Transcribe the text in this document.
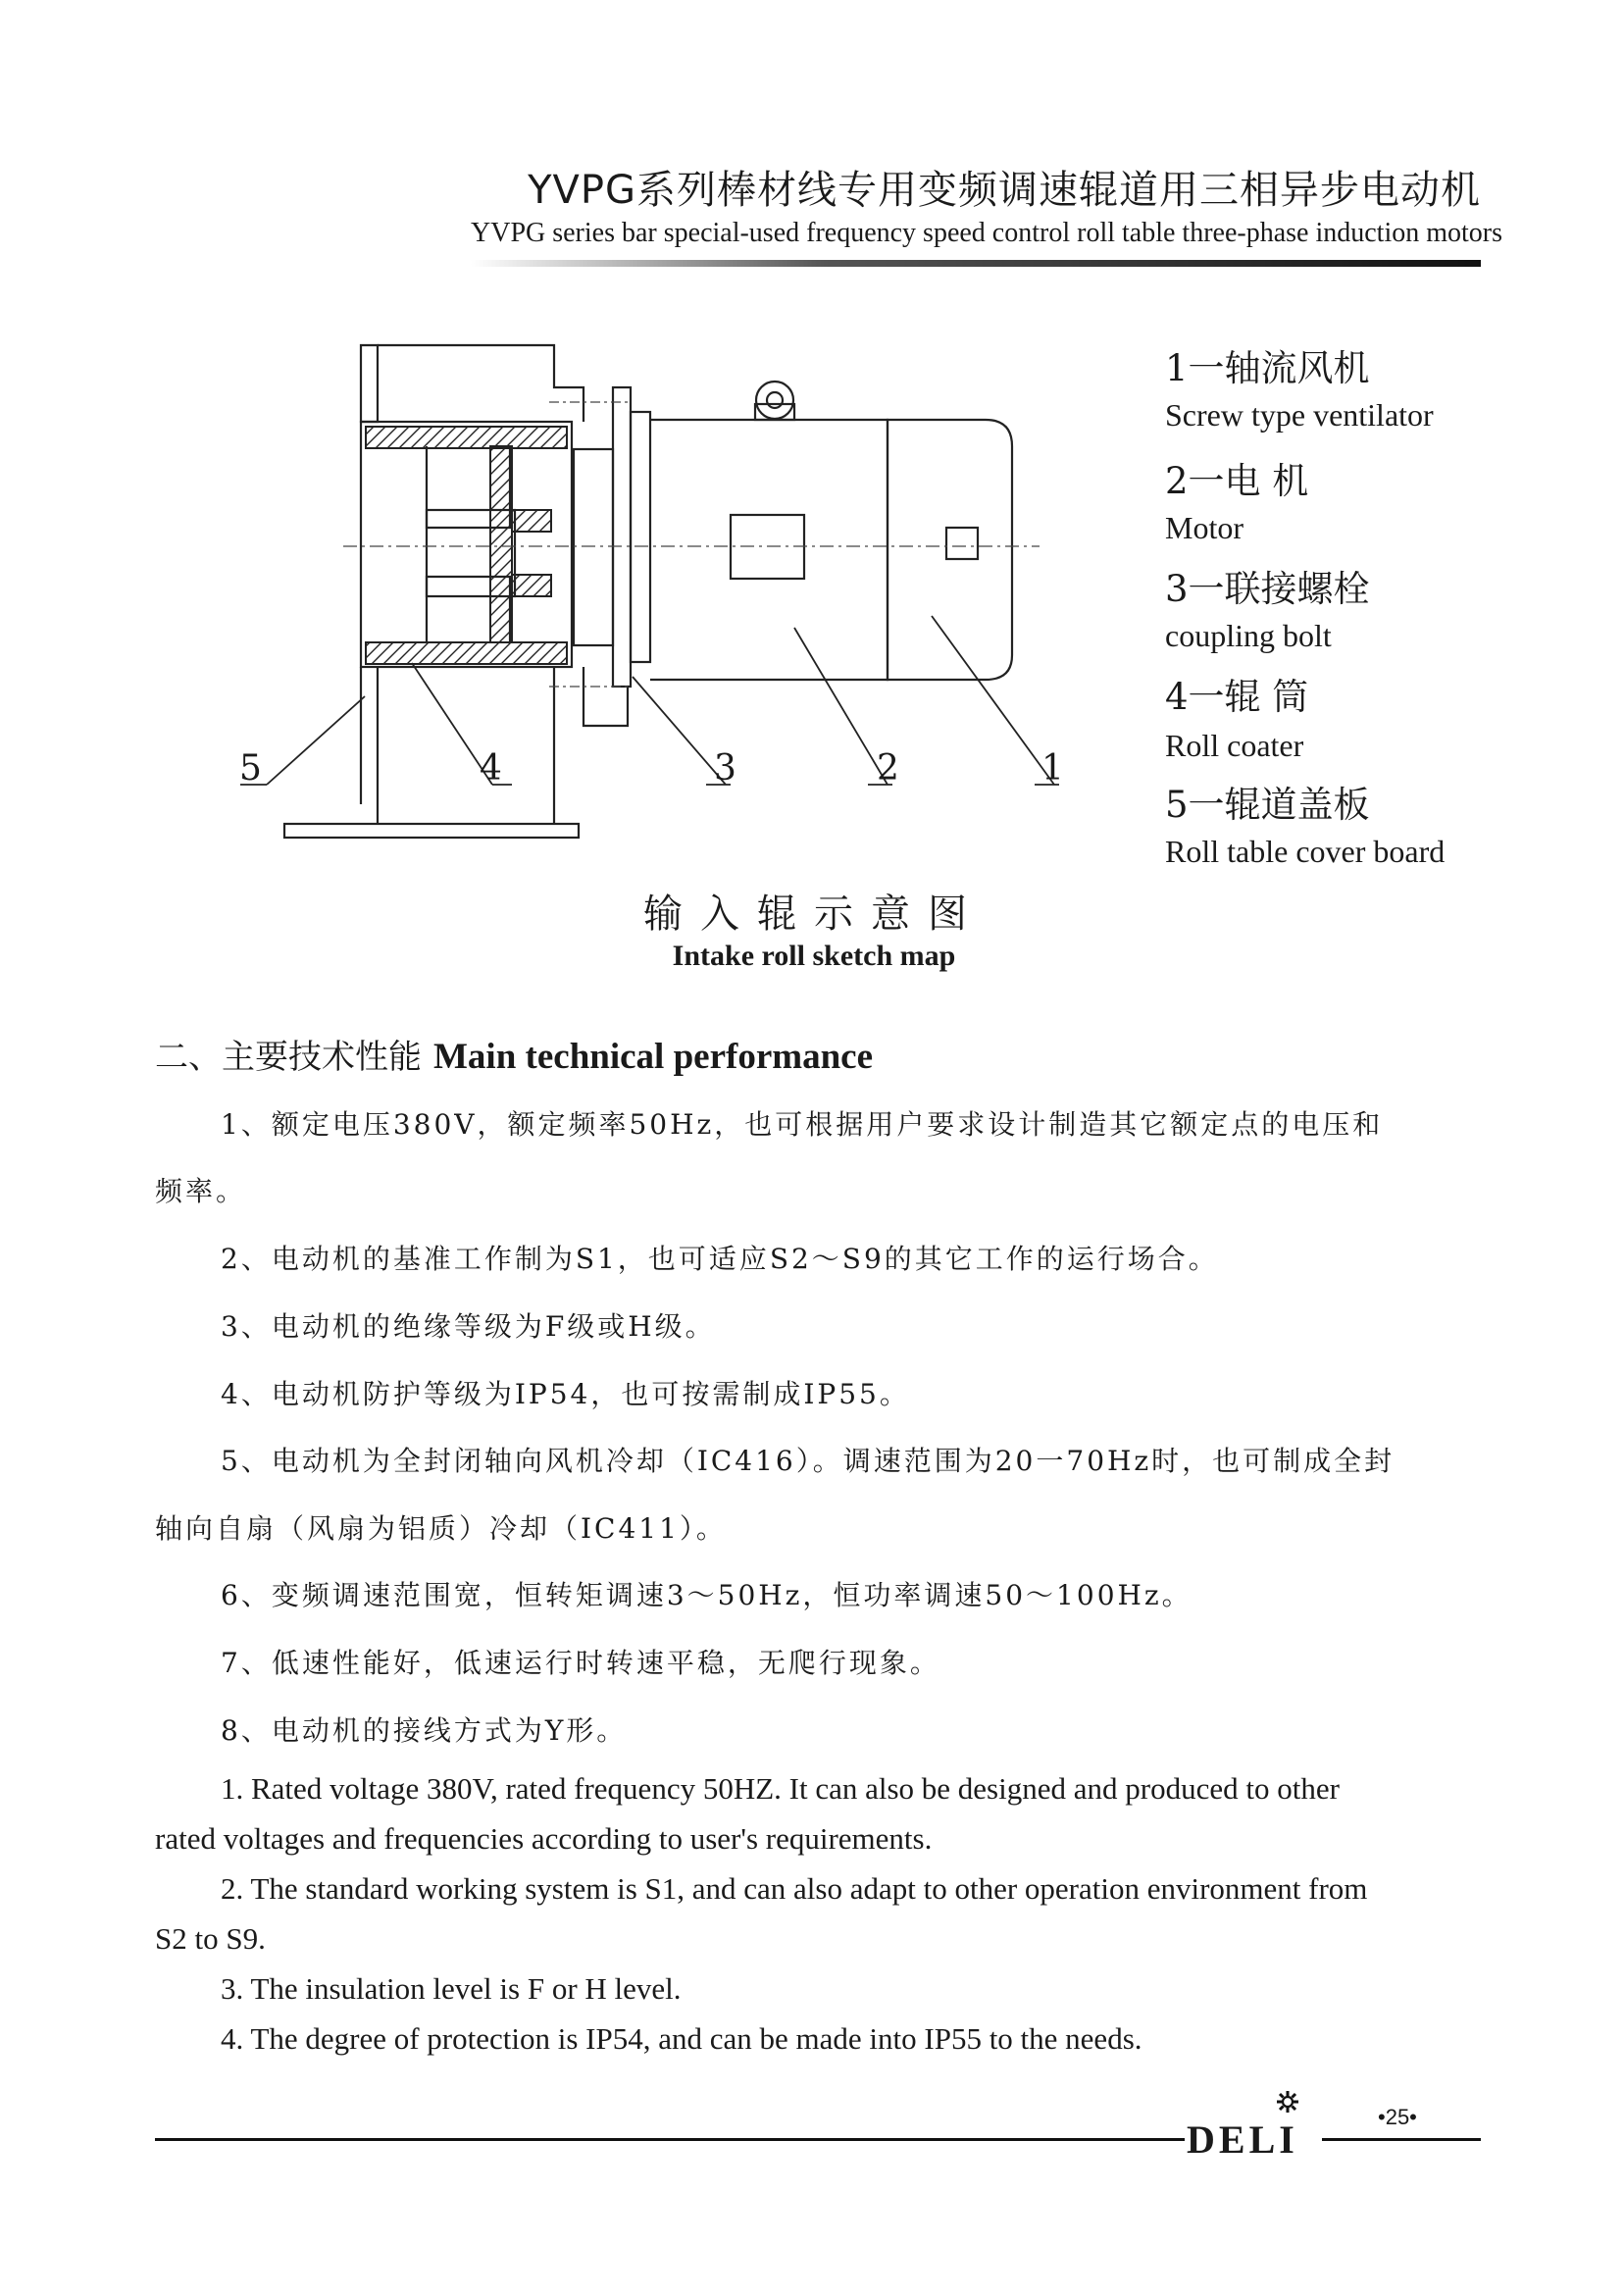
YVPG系列棒材线专用变频调速辊道用三相异步电动机
YVPG series bar special-used frequency speed control roll table three-phase induction motors
5	4	3	2	1
1一轴流风机
Screw type ventilator
2一电 机
Motor
3一联接螺栓
coupling bolt
4一辊 筒
Roll coater
5一辊道盖板
Roll table cover board
输入辊示意图
Intake roll sketch map
二、主要技术性能 Main technical performance
1、额定电压380V，额定频率50Hz，也可根据用户要求设计制造其它额定点的电压和
频率。
2、电动机的基准工作制为S1，也可适应S2～S9的其它工作的运行场合。
3、电动机的绝缘等级为F级或H级。
4、电动机防护等级为IP54，也可按需制成IP55。
5、电动机为全封闭轴向风机冷却（IC416）。调速范围为20一70Hz时，也可制成全封
轴向自扇（风扇为铝质）冷却（IC411）。
6、变频调速范围宽，恒转矩调速3～50Hz，恒功率调速50～100Hz。
7、低速性能好，低速运行时转速平稳，无爬行现象。
8、电动机的接线方式为Y形。
1. Rated voltage 380V, rated frequency 50HZ. It can also be designed and produced to other
rated voltages and frequencies according to user's requirements.
2. The standard working system is S1, and can also adapt to other operation environment from
S2 to S9.
3. The insulation level is F or H level.
4. The degree of protection is IP54, and can be made into IP55 to the needs.
DELI
•25•
